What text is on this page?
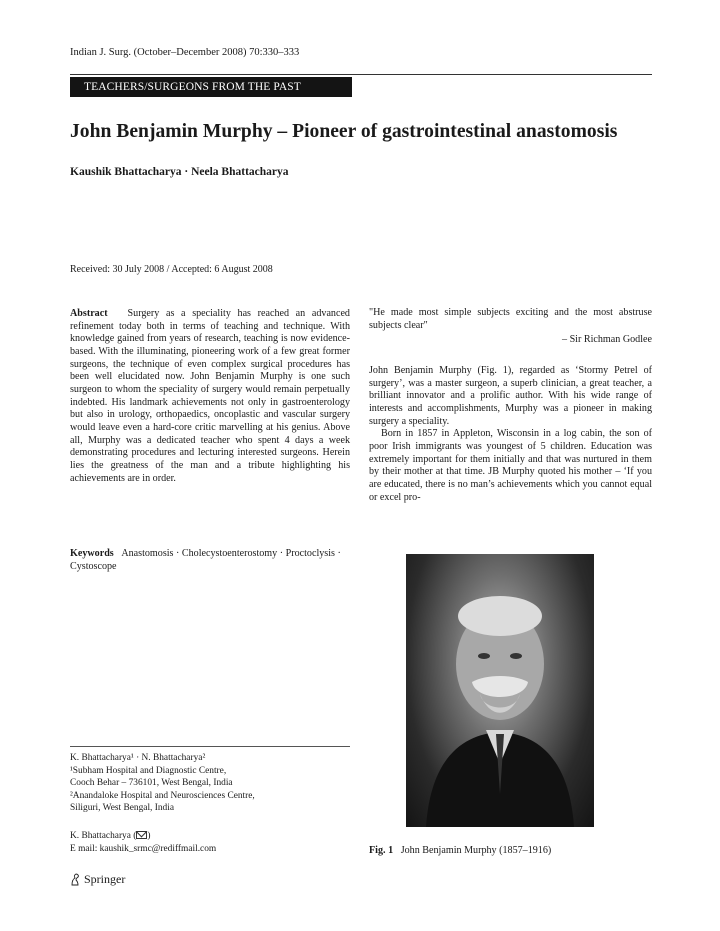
Indian J. Surg. (October–December 2008) 70:330–333
TEACHERS/SURGEONS FROM THE PAST
John Benjamin Murphy – Pioneer of gastrointestinal anastomosis
Kaushik Bhattacharya · Neela Bhattacharya
Received: 30 July 2008 / Accepted: 6 August 2008
Abstract Surgery as a speciality has reached an advanced refinement today both in terms of teaching and technique. With knowledge gained from years of research, teaching is now evidence-based. With the illuminating, pioneering work of a few great former surgeons, the technique of even complex surgical procedures has been well elucidated now. John Benjamin Murphy is one such surgeon to whom the speciality of surgery would remain perpetually indebted. His landmark achievements not only in gastroenterology but also in urology, orthopaedics, oncoplastic and vascular surgery would leave even a hard-core critic marvelling at his genius. Above all, Murphy was a dedicated teacher who spent 4 days a week demonstrating procedures and lecturing interested surgeons. Herein lies the greatness of the man and a tribute highlighting his achievements are in order.
Keywords Anastomosis · Cholecystoenterostomy · Proctoclysis · Cystoscope
"He made most simple subjects exciting and the most abstruse subjects clear"
– Sir Richman Godlee
John Benjamin Murphy (Fig. 1), regarded as ‘Stormy Petrel of surgery’, was a master surgeon, a superb clinician, a great teacher, a brilliant innovator and a prolific author. With his wide range of interests and accomplishments, Murphy was a pioneer in making surgery a speciality.
Born in 1857 in Appleton, Wisconsin in a log cabin, the son of poor Irish immigrants was youngest of 5 children. Education was extremely important for them initially and that was nurtured in them by their mother at that time. JB Murphy quoted his mother – ‘If you are educated, there is no man’s achievements which you cannot equal or excel pro-
Fig. 1 John Benjamin Murphy (1857–1916)
K. Bhattacharya¹ · N. Bhattacharya²
¹Subham Hospital and Diagnostic Centre,
Cooch Behar – 736101, West Bengal, India
²Anandaloke Hospital and Neurosciences Centre,
Siliguri, West Bengal, India
K. Bhattacharya ( )
E mail: kaushik_srmc@rediffmail.com
Springer
